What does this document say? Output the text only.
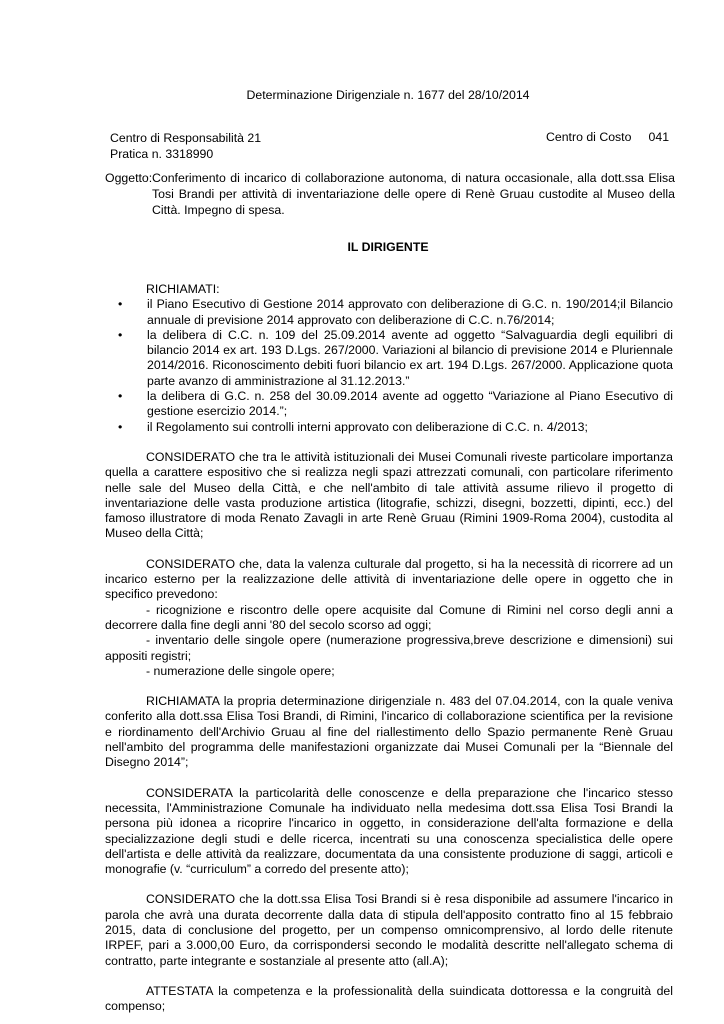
Determinazione Dirigenziale n. 1677 del 28/10/2014
Centro di Responsabilità 21
Pratica n. 3318990
Centro di Costo     041
Oggetto: Conferimento di incarico di collaborazione autonoma, di natura occasionale, alla dott.ssa Elisa Tosi Brandi per attività di inventariazione delle opere di Renè Gruau custodite al Museo della Città. Impegno di spesa.
IL DIRIGENTE

RICHIAMATI:

• il Piano Esecutivo di Gestione 2014 approvato con deliberazione di G.C. n. 190/2014;il Bilancio annuale di previsione 2014 approvato con deliberazione di C.C. n.76/2014;
• la delibera di C.C. n. 109 del 25.09.2014 avente ad oggetto “Salvaguardia degli equilibri di bilancio 2014 ex art. 193 D.Lgs. 267/2000. Variazioni al bilancio di previsione 2014 e Pluriennale 2014/2016. Riconoscimento debiti fuori bilancio ex art. 194 D.Lgs. 267/2000. Applicazione quota parte avanzo di amministrazione al 31.12.2013.”
• la delibera di G.C. n. 258 del 30.09.2014 avente ad oggetto “Variazione al Piano Esecutivo di gestione esercizio 2014.”;
• il Regolamento sui controlli interni approvato con deliberazione di C.C. n. 4/2013;

CONSIDERATO che tra le attività istituzionali dei Musei Comunali riveste particolare importanza quella a carattere espositivo che si realizza negli spazi attrezzati comunali, con particolare riferimento nelle sale del Museo della Città, e che nell'ambito di tale attività assume rilievo il progetto di inventariazione delle vasta produzione artistica (litografie, schizzi, disegni, bozzetti, dipinti, ecc.) del famoso illustratore di moda Renato Zavagli in arte Renè Gruau (Rimini 1909-Roma 2004), custodita al Museo della Città;

CONSIDERATO che, data la valenza culturale dal progetto, si ha la necessità di ricorrere ad un incarico esterno per la realizzazione delle attività di inventariazione delle opere in oggetto che in specifico prevedono:

- ricognizione e riscontro delle opere acquisite dal Comune di Rimini nel corso degli anni a decorrere dalla fine degli anni '80 del secolo scorso ad oggi;

- inventario delle singole opere (numerazione progressiva,breve descrizione e dimensioni) sui appositi registri;

- numerazione delle singole opere;

RICHIAMATA la propria determinazione dirigenziale n. 483 del 07.04.2014, con la quale veniva conferito alla dott.ssa Elisa Tosi Brandi, di Rimini, l'incarico di collaborazione scientifica per la revisione e riordinamento dell'Archivio Gruau al fine del riallestimento dello Spazio permanente Renè Gruau nell'ambito del programma delle manifestazioni organizzate dai Musei Comunali per la “Biennale del Disegno 2014”;

CONSIDERATA la particolarità delle conoscenze e della preparazione che l'incarico stesso necessita, l'Amministrazione Comunale ha individuato nella medesima dott.ssa Elisa Tosi Brandi la persona più idonea a ricoprire l'incarico in oggetto, in considerazione dell'alta formazione e della specializzazione degli studi e delle ricerca, incentrati su una conoscenza specialistica delle opere dell'artista e delle attività da realizzare, documentata da una consistente produzione di saggi, articoli e monografie (v. “curriculum” a corredo del presente atto);

CONSIDERATO che la dott.ssa Elisa Tosi Brandi si è resa disponibile ad assumere l'incarico in parola che avrà una durata decorrente dalla data di stipula dell'apposito contratto fino al 15 febbraio 2015, data di conclusione del progetto, per un compenso omnicomprensivo, al lordo delle ritenute IRPEF, pari a 3.000,00 Euro, da corrispondersi secondo le modalità descritte nell'allegato schema di contratto, parte integrante e sostanziale al presente atto (all.A);

ATTESTATA la competenza e la professionalità della suindicata dottoressa e la congruità del compenso;
